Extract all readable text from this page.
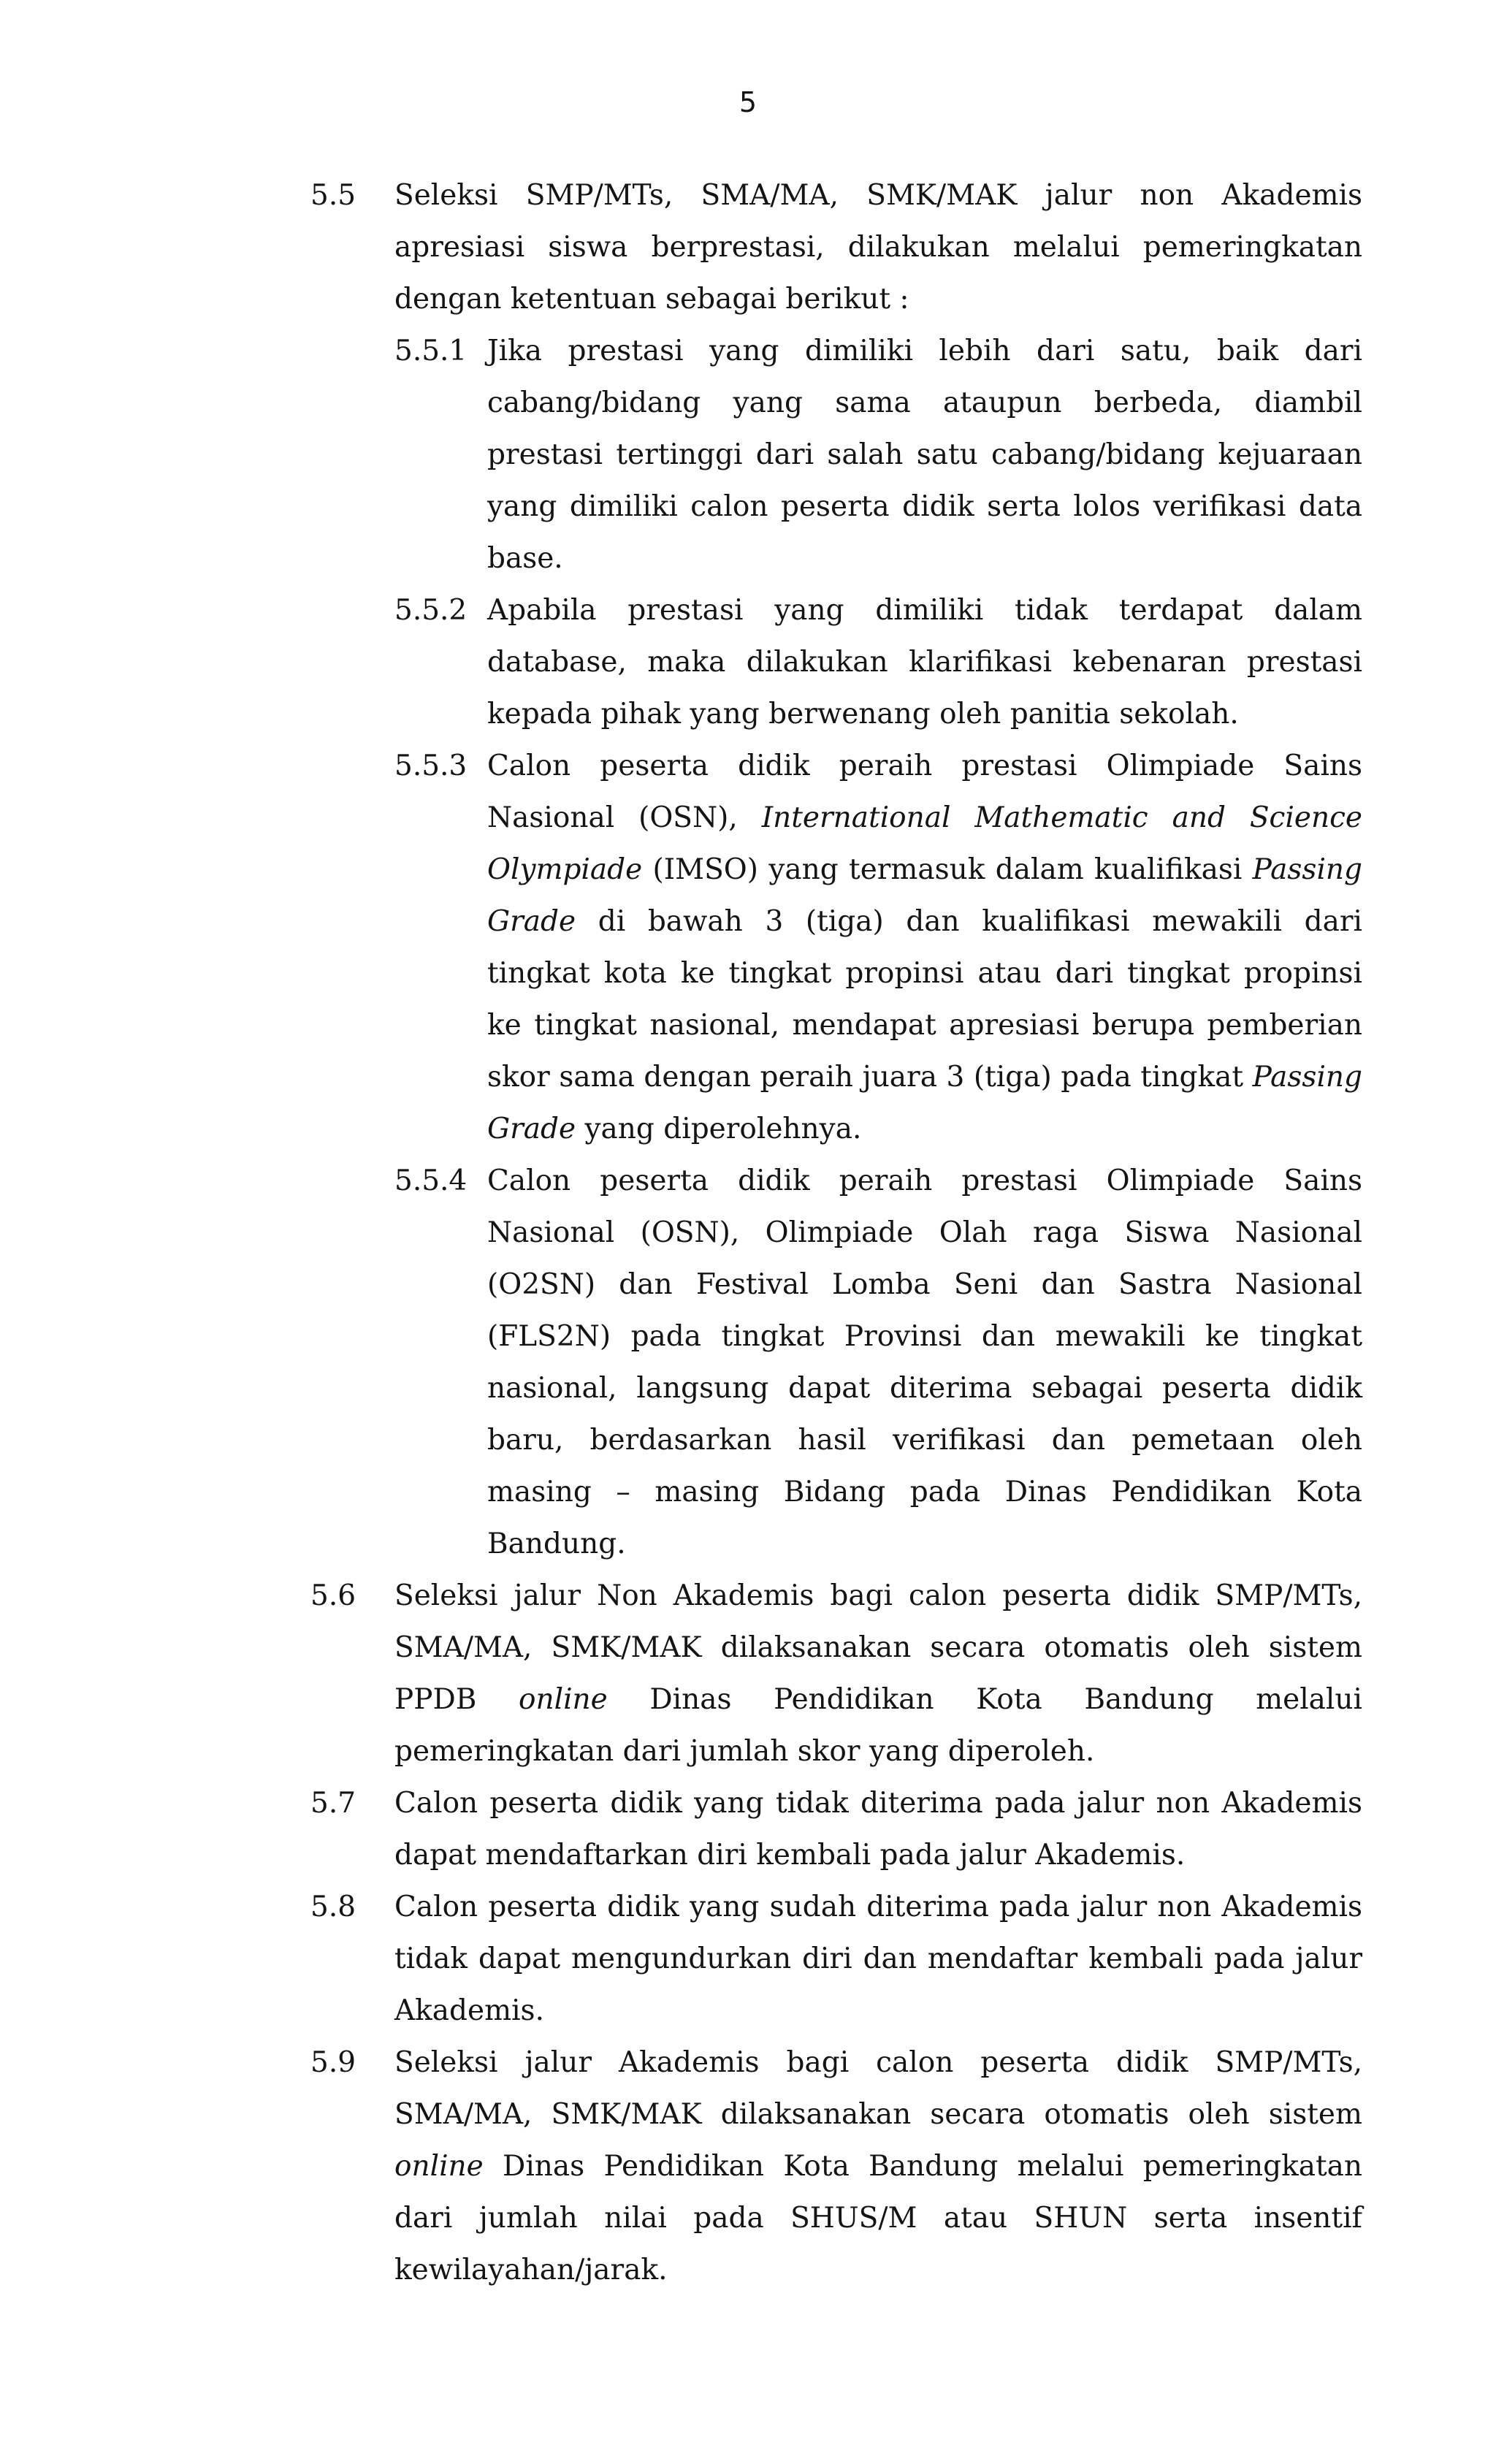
5
5.5	Seleksi SMP/MTs, SMA/MA, SMK/MAK jalur non Akademis apresiasi siswa berprestasi, dilakukan melalui pemeringkatan dengan ketentuan sebagai berikut :

5.5.1 Jika prestasi yang dimiliki lebih dari satu, baik dari cabang/bidang yang sama ataupun berbeda, diambil prestasi tertinggi dari salah satu cabang/bidang kejuaraan yang dimiliki calon peserta didik serta lolos verifikasi data base.

5.5.2 Apabila prestasi yang dimiliki tidak terdapat dalam database, maka dilakukan klarifikasi kebenaran prestasi kepada pihak yang berwenang oleh panitia sekolah.

5.5.3 Calon peserta didik peraih prestasi Olimpiade Sains Nasional (OSN), International Mathematic and Science Olympiade (IMSO) yang termasuk dalam kualifikasi Passing Grade di bawah 3 (tiga) dan kualifikasi mewakili dari tingkat kota ke tingkat propinsi atau dari tingkat propinsi ke tingkat nasional, mendapat apresiasi berupa pemberian skor sama dengan peraih juara 3 (tiga) pada tingkat Passing Grade yang diperolehnya.

5.5.4 Calon peserta didik peraih prestasi Olimpiade Sains Nasional (OSN), Olimpiade Olah raga Siswa Nasional (O2SN) dan Festival Lomba Seni dan Sastra Nasional (FLS2N) pada tingkat Provinsi dan mewakili ke tingkat nasional, langsung dapat diterima sebagai peserta didik baru, berdasarkan hasil verifikasi dan pemetaan oleh masing – masing Bidang pada Dinas Pendidikan Kota Bandung.

5.6	Seleksi jalur Non Akademis bagi calon peserta didik SMP/MTs, SMA/MA, SMK/MAK dilaksanakan secara otomatis oleh sistem PPDB online Dinas Pendidikan Kota Bandung melalui pemeringkatan dari jumlah skor yang diperoleh.

5.7	Calon peserta didik yang tidak diterima pada jalur non Akademis dapat mendaftarkan diri kembali pada jalur Akademis.

5.8	Calon peserta didik yang sudah diterima pada jalur non Akademis tidak dapat mengundurkan diri dan mendaftar kembali pada jalur Akademis.

5.9	Seleksi jalur Akademis bagi calon peserta didik SMP/MTs, SMA/MA, SMK/MAK dilaksanakan secara otomatis oleh sistem online Dinas Pendidikan Kota Bandung melalui pemeringkatan dari jumlah nilai pada SHUS/M atau SHUN serta insentif kewilayahan/jarak.
